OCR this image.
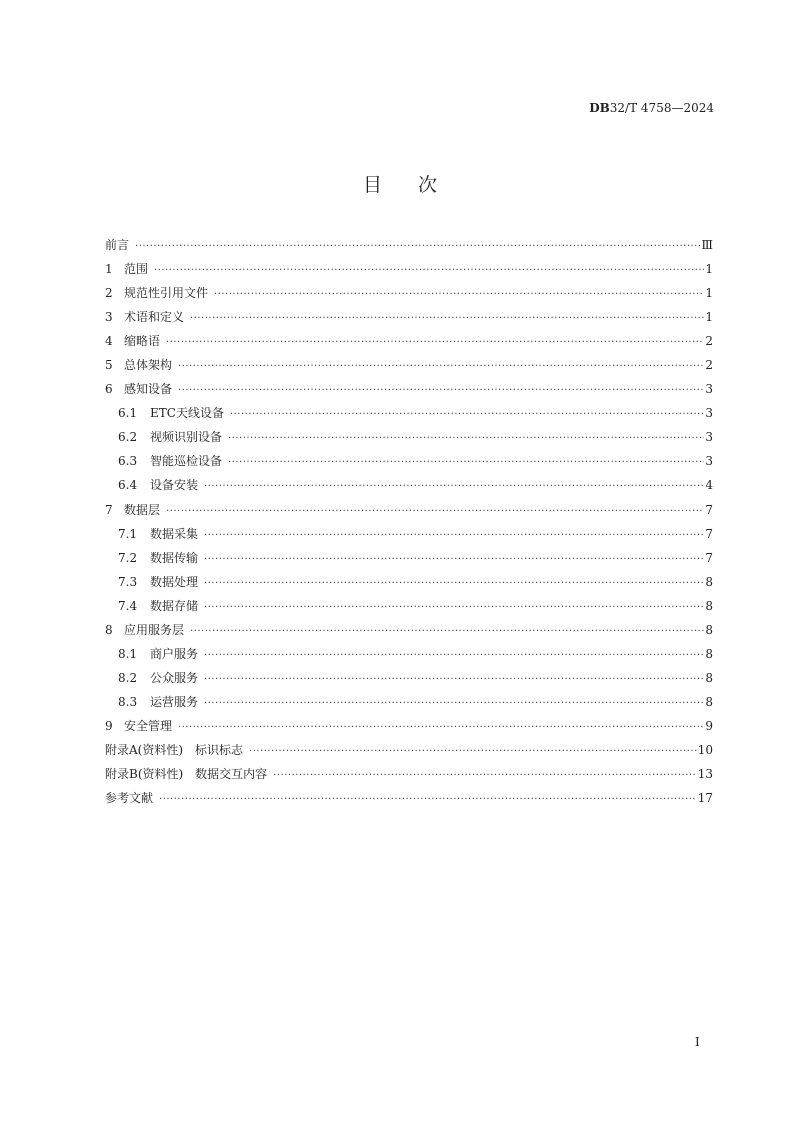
DB32/T 4758—2024
目 次
前言 ·····	Ⅲ
1 范围 ·····	1
2 规范性引用文件 ·····	1
3 术语和定义 ·····	1
4 缩略语 ·····	2
5 总体架构 ·····	2
6 感知设备 ·····	3
6.1	ETC天线设备 ·····	3
6.2	视频识别设备 ·····	3
6.3	智能巡检设备 ·····	3
6.4	设备安装 ·····	4
7 数据层 ·····	7
7.1	数据采集 ·····	7
7.2	数据传输 ·····	7
7.3	数据处理 ·····	8
7.4	数据存储 ·····	8
8 应用服务层 ·····	8
8.1	商户服务 ·····	8
8.2	公众服务 ·····	8
8.3	运营服务 ·····	8
9 安全管理 ·····	9
附录A(资料性)　标识标志 ·····	10
附录B(资料性)　数据交互内容 ·····	13
参考文献 ·····	17
I
